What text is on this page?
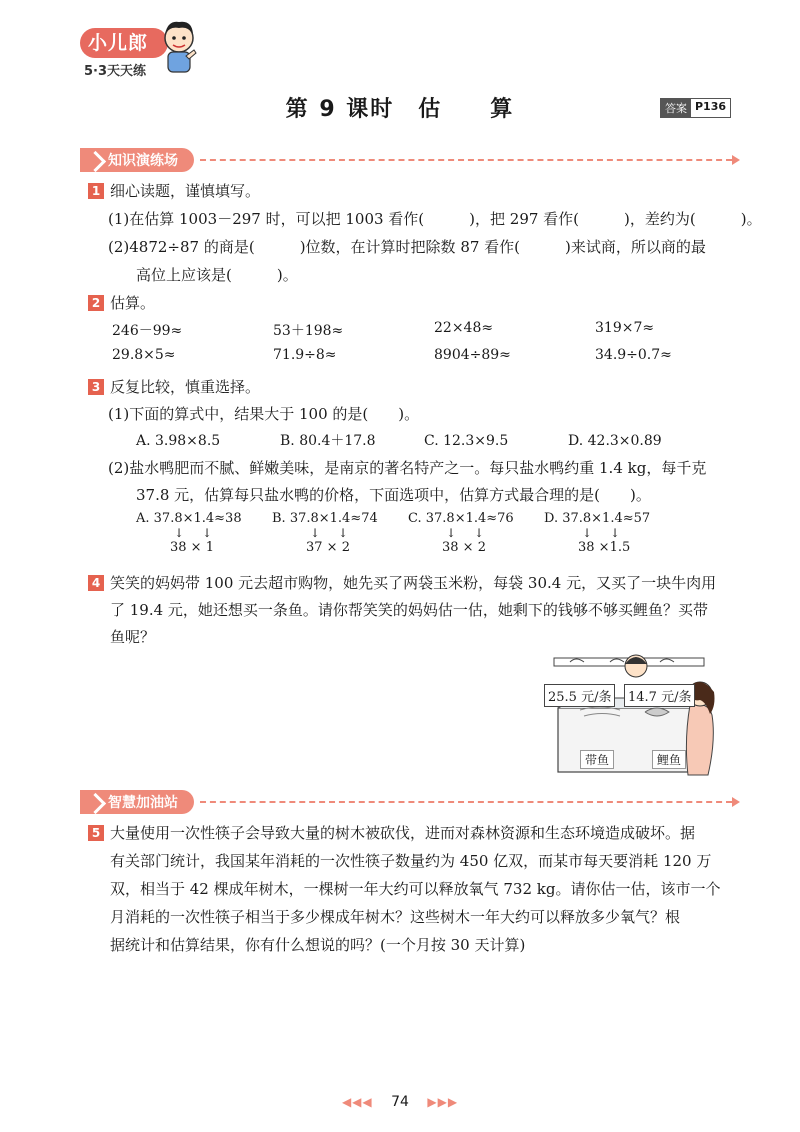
小儿郎
5·3天天练
第 9 课时　估　　算	答案 P136
知识演练场
1 细心读题，谨慎填写。
(1)在估算 1003－297 时，可以把 1003 看作(　　　)，把 297 看作(　　　)，差约为(　　　)。
(2)4872÷87 的商是(　　　)位数，在计算时把除数 87 看作(　　　)来试商，所以商的最
高位上应该是(　　　)。
2 估算。
246－99≈	53＋198≈	22×48≈	319×7≈
29.8×5≈	71.9÷8≈	8904÷89≈	34.9÷0.7≈
3 反复比较，慎重选择。
(1)下面的算式中，结果大于 100 的是(　　)。
A. 3.98×8.5	B. 80.4＋17.8	C. 12.3×9.5	D. 42.3×0.89
(2)盐水鸭肥而不腻、鲜嫩美味，是南京的著名特产之一。每只盐水鸭约重 1.4 kg，每千克
37.8 元，估算每只盐水鸭的价格，下面选项中，估算方式最合理的是(　　)。
A. 37.8×1.4≈38
↓ ↓
38 × 1
B. 37.8×1.4≈74
↓ ↓
37 × 2
C. 37.8×1.4≈76
↓ ↓
38 × 2
D. 37.8×1.4≈57
↓ ↓
38 ×1.5
4 笑笑的妈妈带 100 元去超市购物，她先买了两袋玉米粉，每袋 30.4 元，又买了一块牛肉用
了 19.4 元，她还想买一条鱼。请你帮笑笑的妈妈估一估，她剩下的钱够不够买鲤鱼？买带
鱼呢？
25.5 元/条	14.7 元/条
带鱼	鲤鱼
智慧加油站
5 大量使用一次性筷子会导致大量的树木被砍伐，进而对森林资源和生态环境造成破坏。据
有关部门统计，我国某年消耗的一次性筷子数量约为 450 亿双，而某市每天要消耗 120 万
双，相当于 42 棵成年树木，一棵树一年大约可以释放氧气 732 kg。请你估一估，该市一个
月消耗的一次性筷子相当于多少棵成年树木？这些树木一年大约可以释放多少氧气？根
据统计和估算结果，你有什么想说的吗？(一个月按 30 天计算)
◀◀◀ 74 ▶▶▶
